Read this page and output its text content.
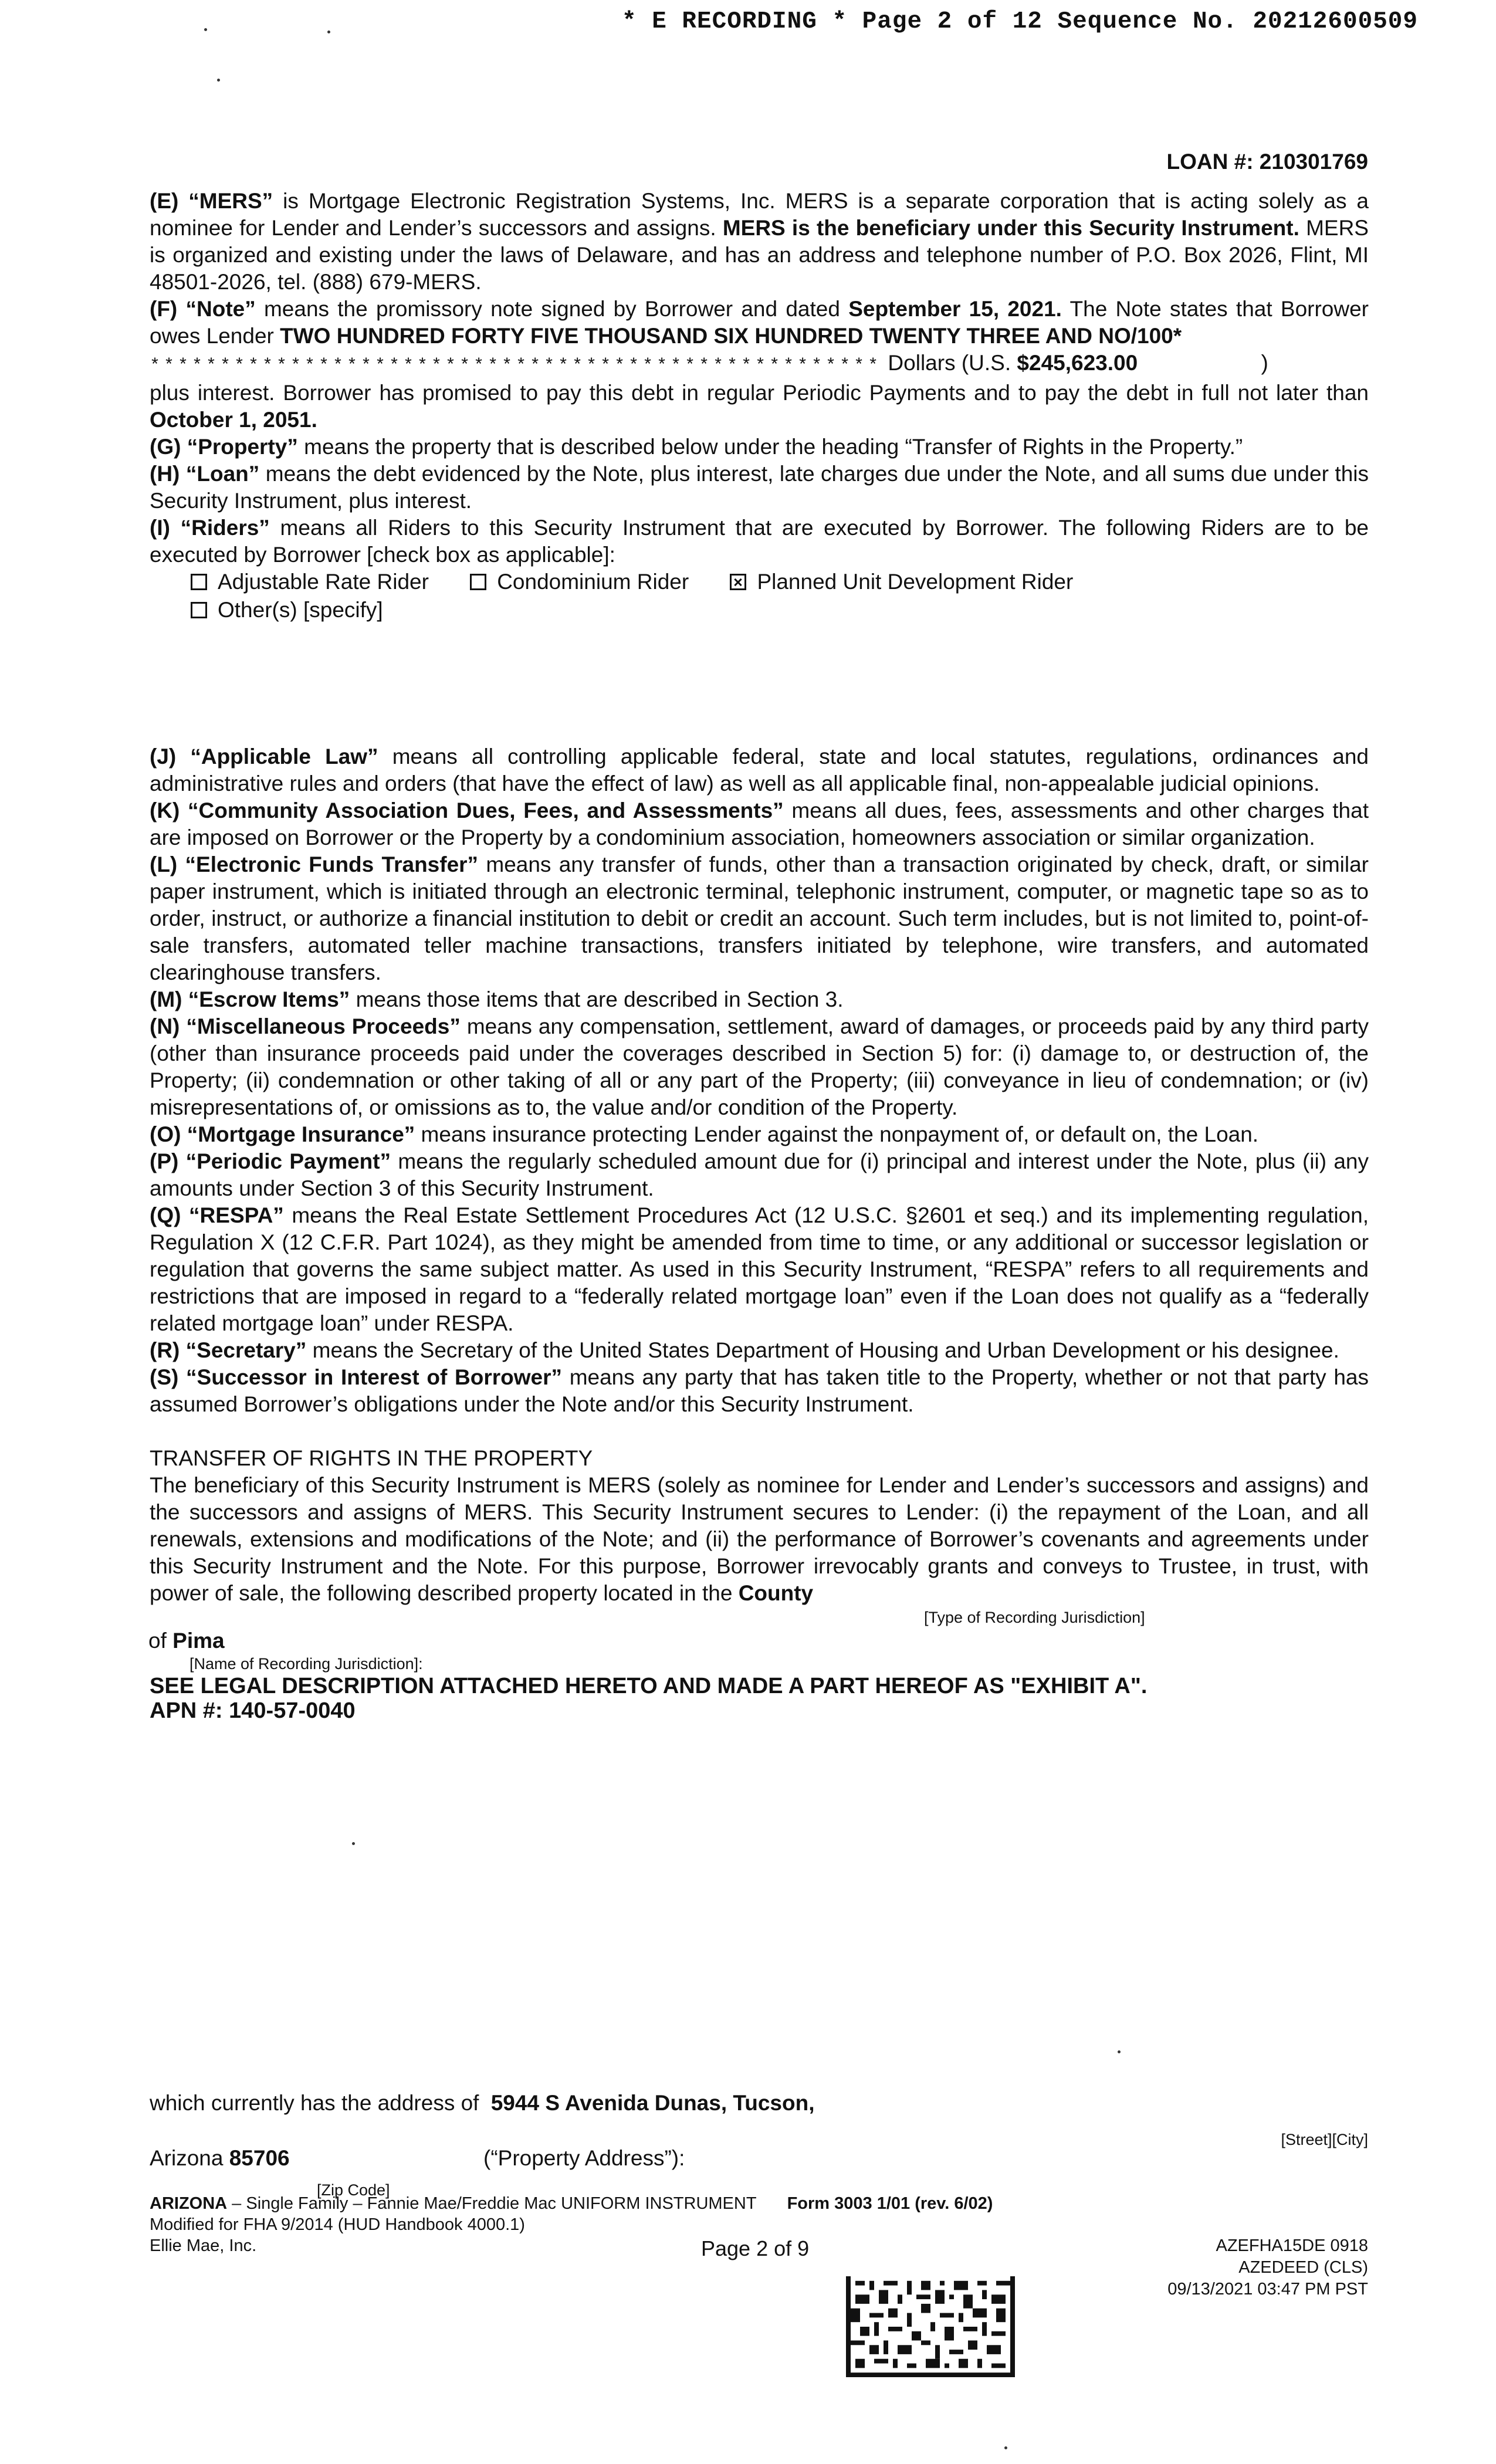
* E RECORDING * Page 2 of 12 Sequence No. 20212600509
LOAN #: 210301769

(E) “MERS” is Mortgage Electronic Registration Systems, Inc. MERS is a separate corporation that is acting solely as a nominee for Lender and Lender’s successors and assigns. MERS is the beneficiary under this Security Instrument. MERS is organized and existing under the laws of Delaware, and has an address and telephone number of P.O. Box 2026, Flint, MI 48501-2026, tel. (888) 679-MERS.

(F) “Note” means the promissory note signed by Borrower and dated September 15, 2021. The Note states that Borrower owes Lender TWO HUNDRED FORTY FIVE THOUSAND SIX HUNDRED TWENTY THREE AND NO/100*

**************************************************** Dollars (U.S. $245,623.00	)

plus interest. Borrower has promised to pay this debt in regular Periodic Payments and to pay the debt in full not later than October 1, 2051.

(G) “Property” means the property that is described below under the heading “Transfer of Rights in the Property.”

(H) “Loan” means the debt evidenced by the Note, plus interest, late charges due under the Note, and all sums due under this Security Instrument, plus interest.

(I) “Riders” means all Riders to this Security Instrument that are executed by Borrower. The following Riders are to be executed by Borrower [check box as applicable]:

Adjustable Rate Rider
	Condominium Rider
	Planned Unit Development Rider
Other(s) [specify]

(J) “Applicable Law” means all controlling applicable federal, state and local statutes, regulations, ordinances and administrative rules and orders (that have the effect of law) as well as all applicable final, non-appealable judicial opinions.

(K) “Community Association Dues, Fees, and Assessments” means all dues, fees, assessments and other charges that are imposed on Borrower or the Property by a condominium association, homeowners association or similar organization.

(L) “Electronic Funds Transfer” means any transfer of funds, other than a transaction originated by check, draft, or similar paper instrument, which is initiated through an electronic terminal, telephonic instrument, computer, or magnetic tape so as to order, instruct, or authorize a financial institution to debit or credit an account. Such term includes, but is not limited to, point-of-sale transfers, automated teller machine transactions, transfers initiated by telephone, wire transfers, and automated clearinghouse transfers.

(M) “Escrow Items” means those items that are described in Section 3.

(N) “Miscellaneous Proceeds” means any compensation, settlement, award of damages, or proceeds paid by any third party (other than insurance proceeds paid under the coverages described in Section 5) for: (i) damage to, or destruction of, the Property; (ii) condemnation or other taking of all or any part of the Property; (iii) conveyance in lieu of condemnation; or (iv) misrepresentations of, or omissions as to, the value and/or condition of the Property.

(O) “Mortgage Insurance” means insurance protecting Lender against the nonpayment of, or default on, the Loan.

(P) “Periodic Payment” means the regularly scheduled amount due for (i) principal and interest under the Note, plus (ii) any amounts under Section 3 of this Security Instrument.

(Q) “RESPA” means the Real Estate Settlement Procedures Act (12 U.S.C. §2601 et seq.) and its implementing regulation, Regulation X (12 C.F.R. Part 1024), as they might be amended from time to time, or any additional or successor legislation or regulation that governs the same subject matter. As used in this Security Instrument, “RESPA” refers to all requirements and restrictions that are imposed in regard to a “federally related mortgage loan” even if the Loan does not qualify as a “federally related mortgage loan” under RESPA.

(R) “Secretary” means the Secretary of the United States Department of Housing and Urban Development or his designee.

(S) “Successor in Interest of Borrower” means any party that has taken title to the Property, whether or not that party has assumed Borrower’s obligations under the Note and/or this Security Instrument.

TRANSFER OF RIGHTS IN THE PROPERTY

The beneficiary of this Security Instrument is MERS (solely as nominee for Lender and Lender’s successors and assigns) and the successors and assigns of MERS. This Security Instrument secures to Lender: (i) the repayment of the Loan, and all renewals, extensions and modifications of the Note; and (ii) the performance of Borrower’s covenants and agreements under this Security Instrument and the Note. For this purpose, Borrower irrevocably grants and conveys to Trustee, in trust, with power of sale, the following described property located in the County

[Type of Recording Jurisdiction]
of Pima
[Name of Recording Jurisdiction]:
SEE LEGAL DESCRIPTION ATTACHED HERETO AND MADE A PART HEREOF AS "EXHIBIT A".
APN #: 140-57-0040
which currently has the address of 5944 S Avenida Dunas, Tucson,
[Street][City]
Arizona 85706	(“Property Address”):
[Zip Code]
ARIZONA – Single Family – Fannie Mae/Freddie Mac UNIFORM INSTRUMENT Form 3003 1/01 (rev. 6/02)
Modified for FHA 9/2014 (HUD Handbook 4000.1)
Ellie Mae, Inc.	Page 2 of 9	AZEFHA15DE 0918
AZEDEED (CLS)
09/13/2021 03:47 PM PST
